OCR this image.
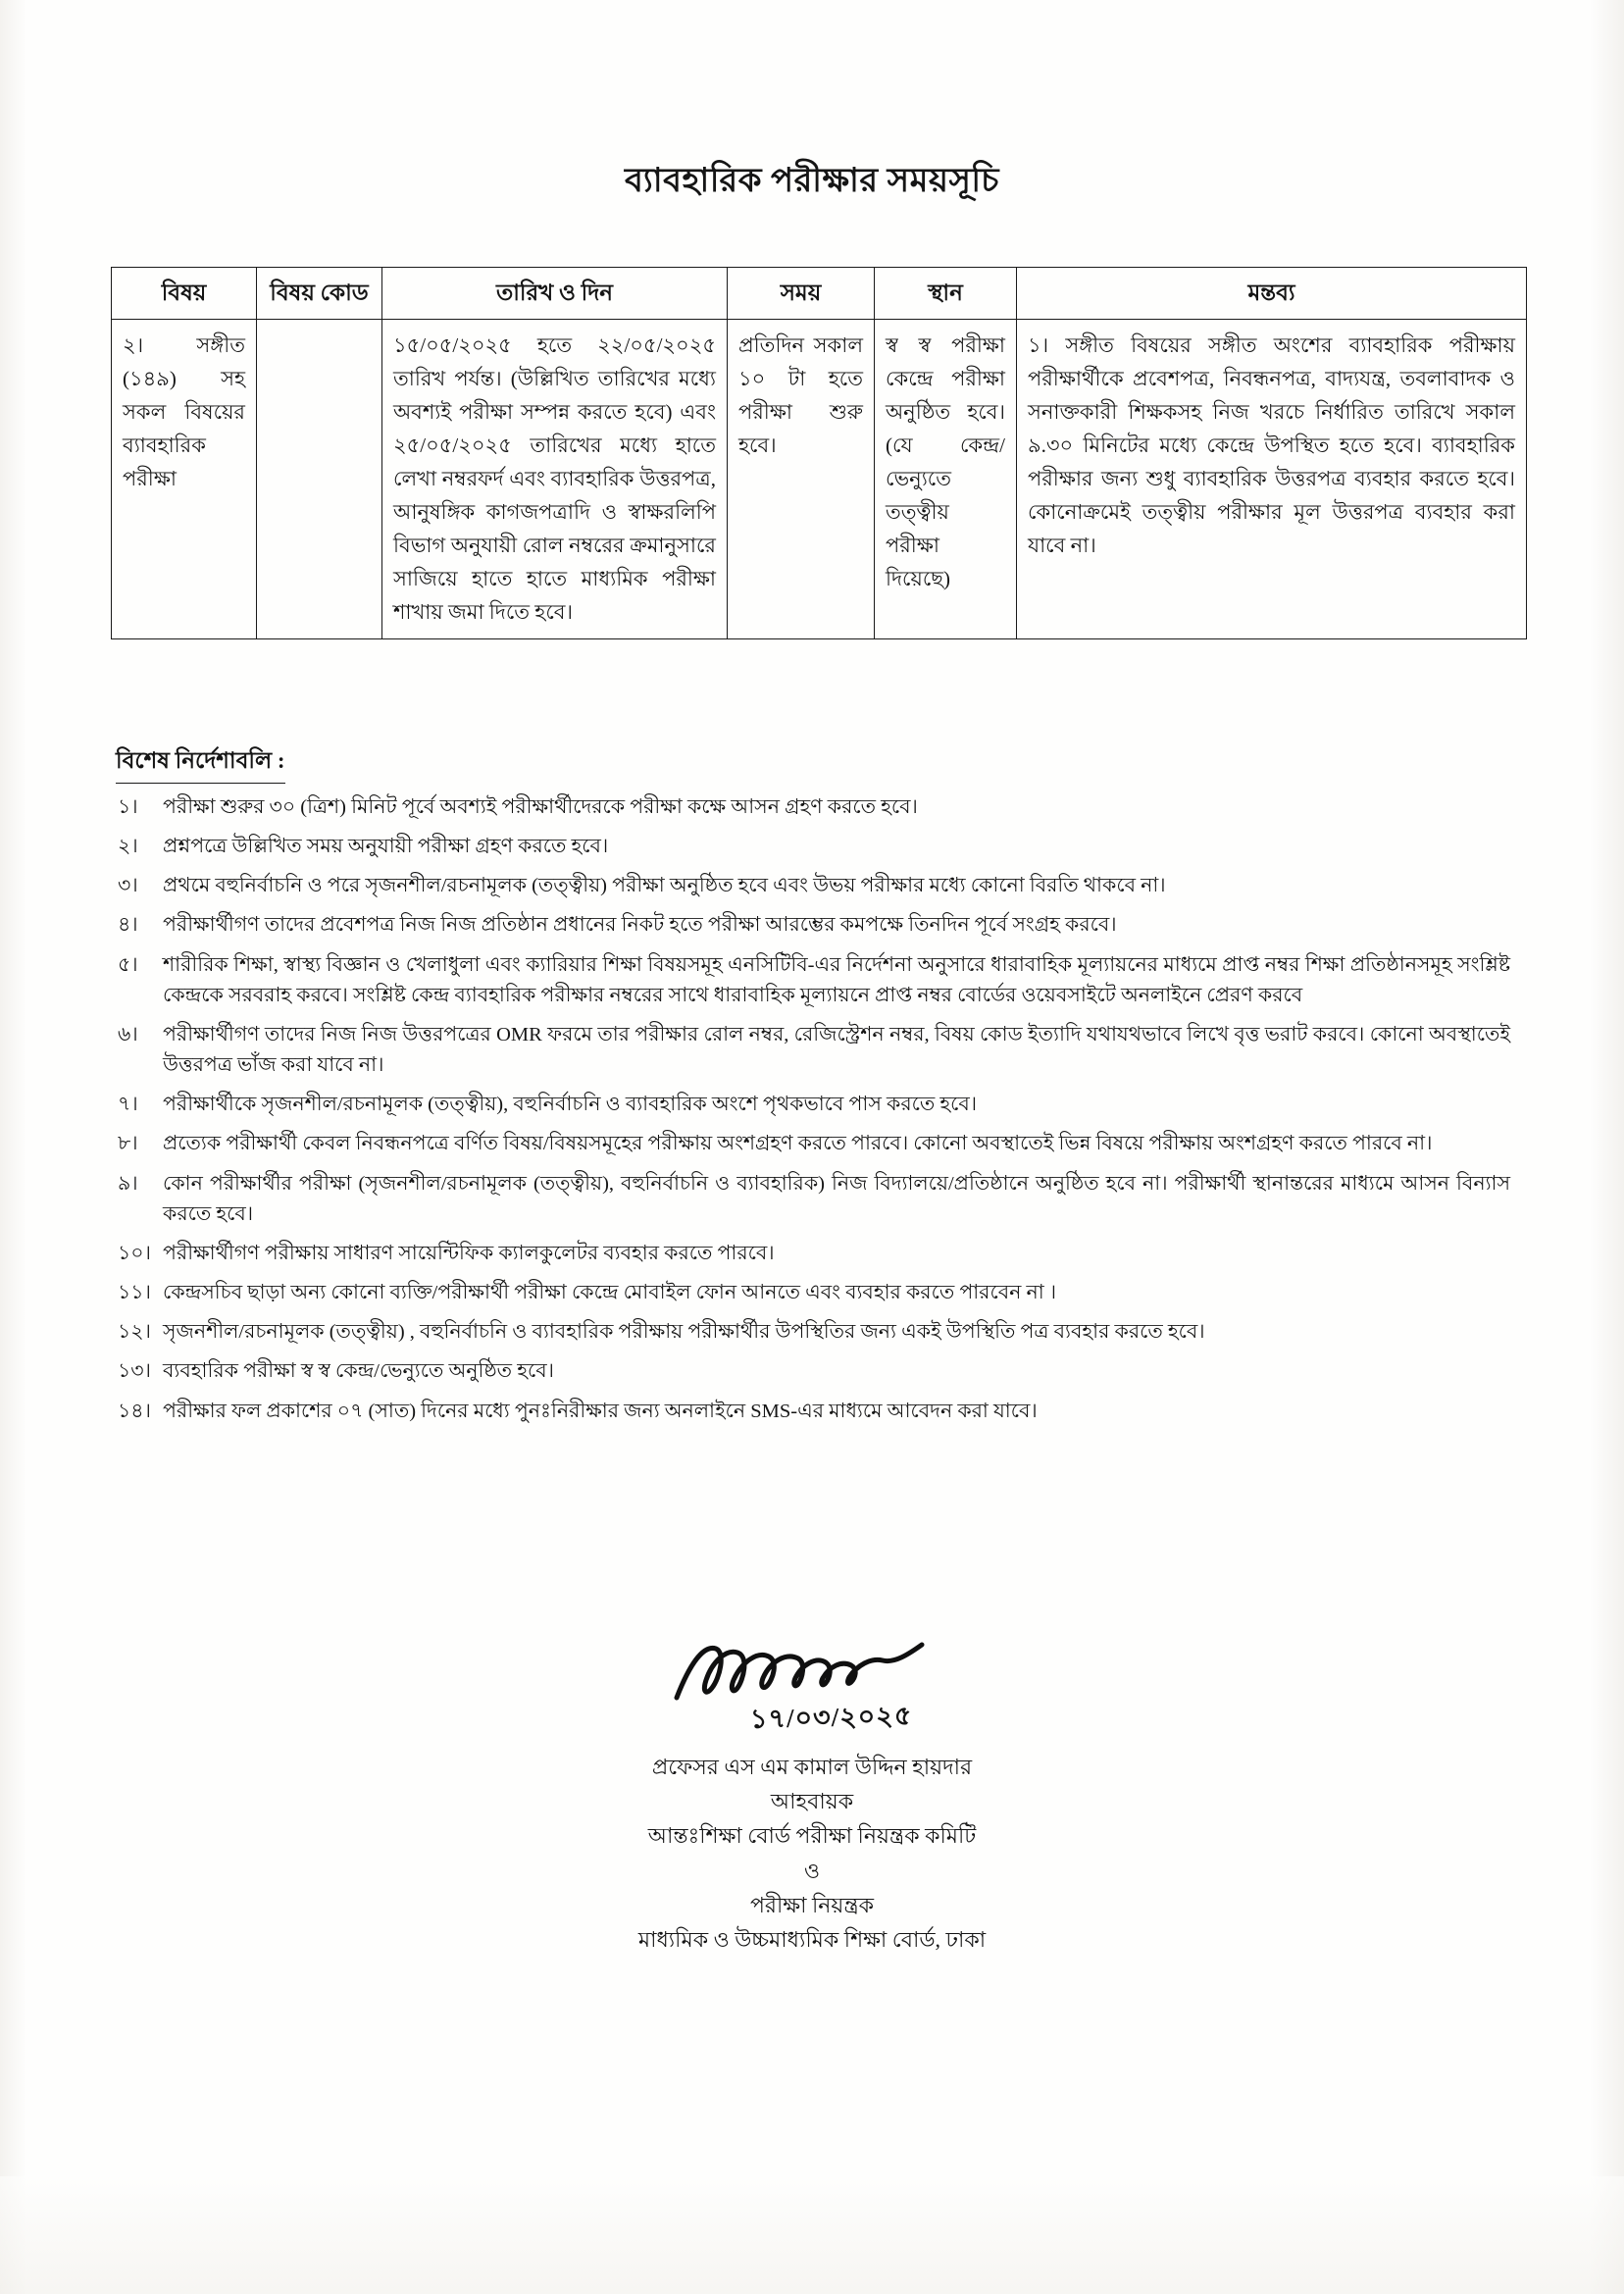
ব্যাবহারিক পরীক্ষার সময়সূচি
বিষয়	বিষয় কোড	তারিখ ও দিন	সময়	স্থান	মন্তব্য
২। সঙ্গীত (১৪৯) সহ সকল বিষয়ের ব্যাবহারিক পরীক্ষা		১৫/০৫/২০২৫ হতে ২২/০৫/২০২৫ তারিখ পর্যন্ত। (উল্লিখিত তারিখের মধ্যে অবশ্যই পরীক্ষা সম্পন্ন করতে হবে) এবং ২৫/০৫/২০২৫ তারিখের মধ্যে হাতে লেখা নম্বরফর্দ এবং ব্যাবহারিক উত্তরপত্র, আনুষঙ্গিক কাগজপত্রাদি ও স্বাক্ষরলিপি বিভাগ অনুযায়ী রোল নম্বরের ক্রমানুসারে সাজিয়ে হাতে হাতে মাধ্যমিক পরীক্ষা শাখায় জমা দিতে হবে।	প্রতিদিন সকাল ১০ টা হতে পরীক্ষা শুরু হবে।	স্ব স্ব পরীক্ষা কেন্দ্রে পরীক্ষা অনুষ্ঠিত হবে। (যে কেন্দ্র/ভেন্যুতে তত্ত্বীয় পরীক্ষা দিয়েছে)	১। সঙ্গীত বিষয়ের সঙ্গীত অংশের ব্যাবহারিক পরীক্ষায় পরীক্ষার্থীকে প্রবেশপত্র, নিবন্ধনপত্র, বাদ্যযন্ত্র, তবলাবাদক ও সনাক্তকারী শিক্ষকসহ নিজ খরচে নির্ধারিত তারিখে সকাল ৯.৩০ মিনিটের মধ্যে কেন্দ্রে উপস্থিত হতে হবে। ব্যাবহারিক পরীক্ষার জন্য শুধু ব্যাবহারিক উত্তরপত্র ব্যবহার করতে হবে। কোনোক্রমেই তত্ত্বীয় পরীক্ষার মূল উত্তরপত্র ব্যবহার করা যাবে না।
বিশেষ নির্দেশাবলি :
১।	পরীক্ষা শুরুর ৩০ (ত্রিশ) মিনিট পূর্বে অবশ্যই পরীক্ষার্থীদেরকে পরীক্ষা কক্ষে আসন গ্রহণ করতে হবে।
২।	প্রশ্নপত্রে উল্লিখিত সময় অনুযায়ী পরীক্ষা গ্রহণ করতে হবে।
৩।	প্রথমে বহুনির্বাচনি ও পরে সৃজনশীল/রচনামূলক (তত্ত্বীয়) পরীক্ষা অনুষ্ঠিত হবে এবং উভয় পরীক্ষার মধ্যে কোনো বিরতি থাকবে না।
৪।	পরীক্ষার্থীগণ তাদের প্রবেশপত্র নিজ নিজ প্রতিষ্ঠান প্রধানের নিকট হতে পরীক্ষা আরম্ভের কমপক্ষে তিনদিন পূর্বে সংগ্রহ করবে।
৫।	শারীরিক শিক্ষা, স্বাস্থ্য বিজ্ঞান ও খেলাধুলা এবং ক্যারিয়ার শিক্ষা বিষয়সমূহ এনসিটিবি-এর নির্দেশনা অনুসারে ধারাবাহিক মূল্যায়নের মাধ্যমে প্রাপ্ত নম্বর শিক্ষা প্রতিষ্ঠানসমূহ সংশ্লিষ্ট কেন্দ্রকে সরবরাহ করবে। সংশ্লিষ্ট কেন্দ্র ব্যাবহারিক পরীক্ষার নম্বরের সাথে ধারাবাহিক মূল্যায়নে প্রাপ্ত নম্বর বোর্ডের ওয়েবসাইটে অনলাইনে প্রেরণ করবে
৬।	পরীক্ষার্থীগণ তাদের নিজ নিজ উত্তরপত্রের OMR ফরমে তার পরীক্ষার রোল নম্বর, রেজিস্ট্রেশন নম্বর, বিষয় কোড ইত্যাদি যথাযথভাবে লিখে বৃত্ত ভরাট করবে। কোনো অবস্থাতেই উত্তরপত্র ভাঁজ করা যাবে না।
৭।	পরীক্ষার্থীকে সৃজনশীল/রচনামূলক (তত্ত্বীয়), বহুনির্বাচনি ও ব্যাবহারিক অংশে পৃথকভাবে পাস করতে হবে।
৮।	প্রত্যেক পরীক্ষার্থী কেবল নিবন্ধনপত্রে বর্ণিত বিষয়/বিষয়সমূহের পরীক্ষায় অংশগ্রহণ করতে পারবে। কোনো অবস্থাতেই ভিন্ন বিষয়ে পরীক্ষায় অংশগ্রহণ করতে পারবে না।
৯।	কোন পরীক্ষার্থীর পরীক্ষা (সৃজনশীল/রচনামূলক (তত্ত্বীয়), বহুনির্বাচনি ও ব্যাবহারিক) নিজ বিদ্যালয়ে/প্রতিষ্ঠানে অনুষ্ঠিত হবে না। পরীক্ষার্থী স্থানান্তরের মাধ্যমে আসন বিন্যাস করতে হবে।
১০। পরীক্ষার্থীগণ পরীক্ষায় সাধারণ সায়েন্টিফিক ক্যালকুলেটর ব্যবহার করতে পারবে।
১১। কেন্দ্রসচিব ছাড়া অন্য কোনো ব্যক্তি/পরীক্ষার্থী পরীক্ষা কেন্দ্রে মোবাইল ফোন আনতে এবং ব্যবহার করতে পারবেন না ।
১২। সৃজনশীল/রচনামূলক (তত্ত্বীয়) , বহুনির্বাচনি ও ব্যাবহারিক পরীক্ষায় পরীক্ষার্থীর উপস্থিতির জন্য একই উপস্থিতি পত্র ব্যবহার করতে হবে।
১৩। ব্যবহারিক পরীক্ষা স্ব স্ব কেন্দ্র/ভেন্যুতে অনুষ্ঠিত হবে।
১৪। পরীক্ষার ফল প্রকাশের ০৭ (সাত) দিনের মধ্যে পুনঃনিরীক্ষার জন্য অনলাইনে SMS-এর মাধ্যমে আবেদন করা যাবে।
১৭/০৩/২০২৫
প্রফেসর এস এম কামাল উদ্দিন হায়দার
আহবায়ক
আন্তঃশিক্ষা বোর্ড পরীক্ষা নিয়ন্ত্রক কমিটি
ও
পরীক্ষা নিয়ন্ত্রক
মাধ্যমিক ও উচ্চমাধ্যমিক শিক্ষা বোর্ড, ঢাকা
